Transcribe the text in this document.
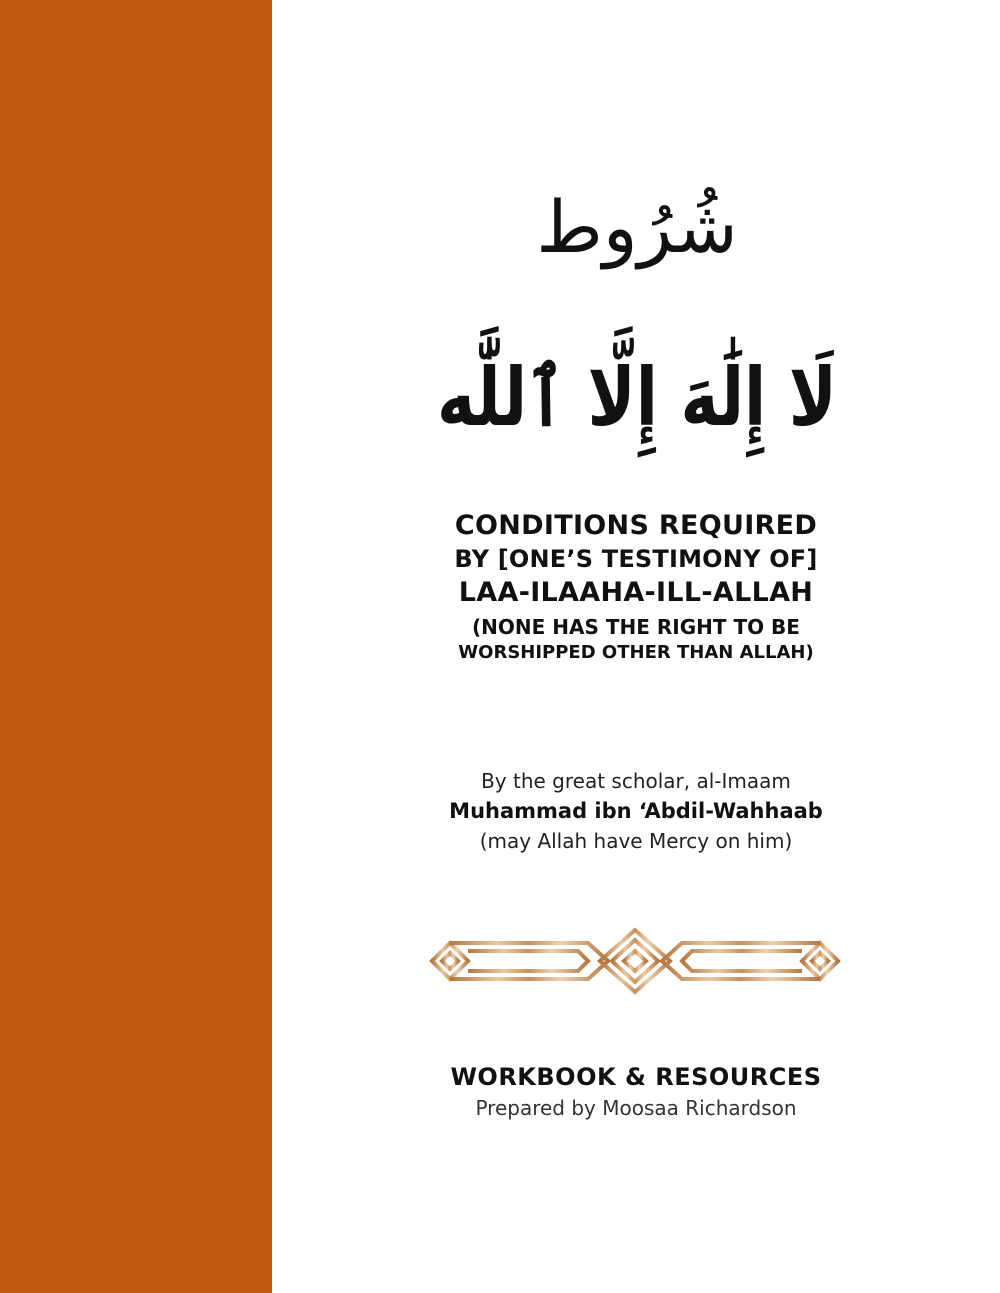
شُرُوط
لَا إِلَٰهَ إِلَّا ٱللَّٰه
CONDITIONS REQUIRED
BY [ONE’S TESTIMONY OF]
LAA-ILAAHA-ILL-ALLAH
(NONE HAS THE RIGHT TO BE
WORSHIPPED OTHER THAN ALLAH)
By the great scholar, al-Imaam
Muhammad ibn ‘Abdil-Wahhaab
(may Allah have Mercy on him)
WORKBOOK & RESOURCES
Prepared by Moosaa Richardson
